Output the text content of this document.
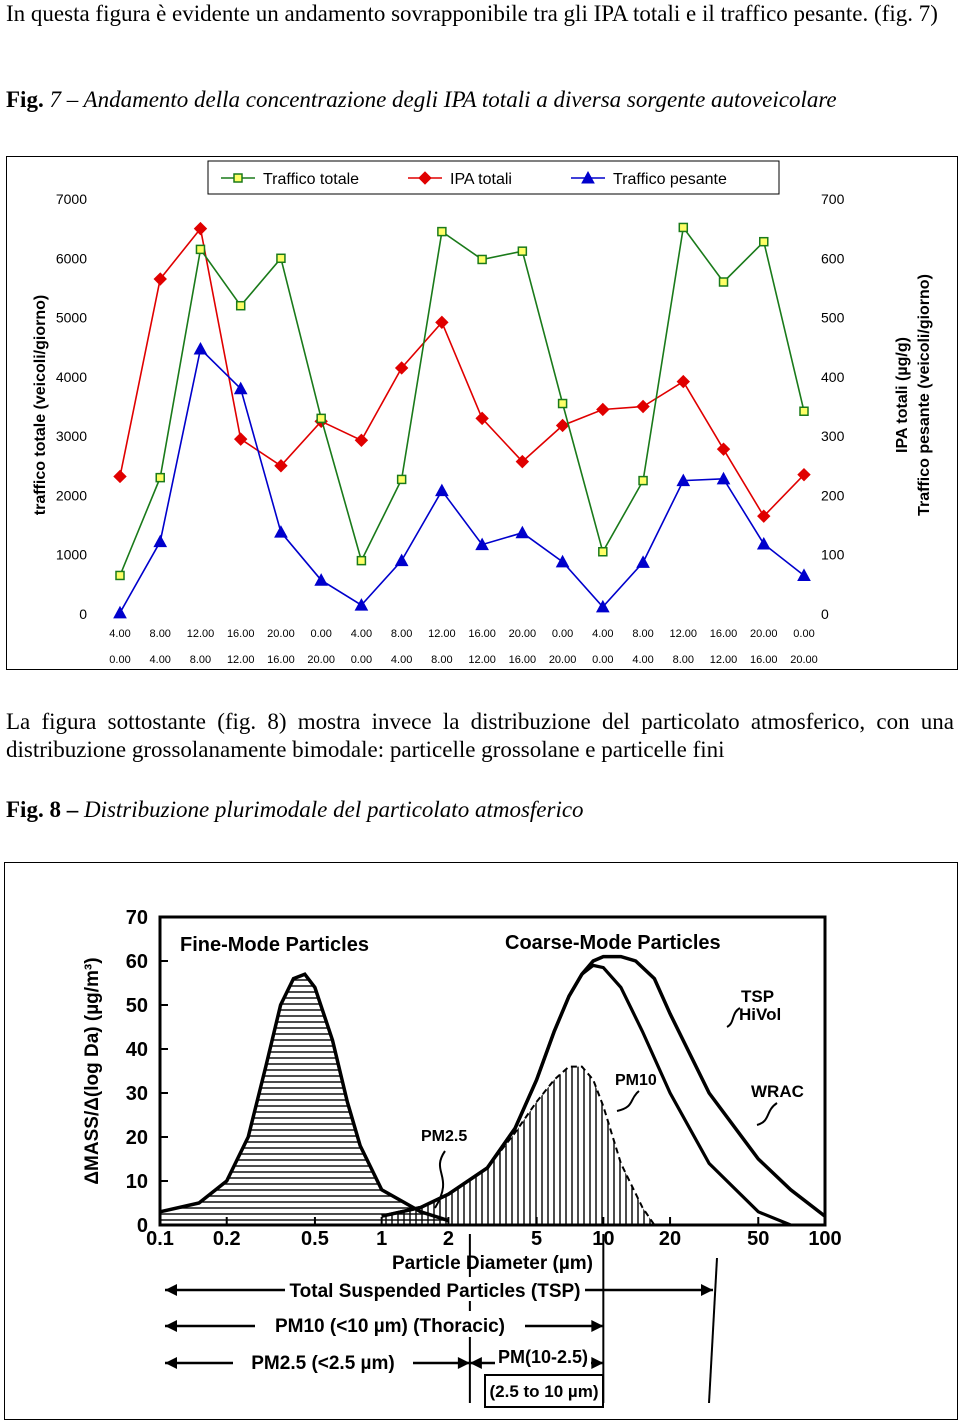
In questa figura è evidente un andamento sovrapponibile tra gli IPA totali e il traffico pesante. (fig. 7)

Fig. 7 – Andamento della concentrazione degli IPA totali a diversa sorgente autoveicolare

0
1000
2000
3000
4000
5000
6000
7000
0
100
200
300
400
500
600
700
traffico totale (veicoli/giorno)	IPA totali (µg/g) Traffico pesante (veicoli/giorno)
4.00 8.00 12.00 16.00 20.00 0.00 4.00 8.00 12.00 16.00 20.00 0.00 4.00 8.00 12.00 16.00 20.00 0.00
0.00 4.00 8.00 12.00 16.00 20.00 0.00 4.00 8.00 12.00 16.00 20.00 0.00 4.00 8.00 12.00 16.00 20.00
Traffico totale	IPA totali	Traffico pesante

La figura sottostante (fig. 8) mostra invece la distribuzione del particolato atmosferico, con una distribuzione grossolanamente bimodale: particelle grossolane e particelle fini

Fig. 8 – Distribuzione plurimodale del particolato atmosferico

0
10
20
30
40
50
60
70
0.1 0.2	0.5 1	2	5	10 20	50 100
Particle Diameter (µm)
ΔMASS/Δ(log Da) (µg/m³)
Fine-Mode Particles	Coarse-Mode Particles
TSP
HiVol
WRAC
PM10
PM2.5
Total Suspended Particles (TSP)
PM10 (<10 µm) (Thoracic)
PM2.5 (<2.5 µm)	PM(10-2.5)
(2.5 to 10 µm)
